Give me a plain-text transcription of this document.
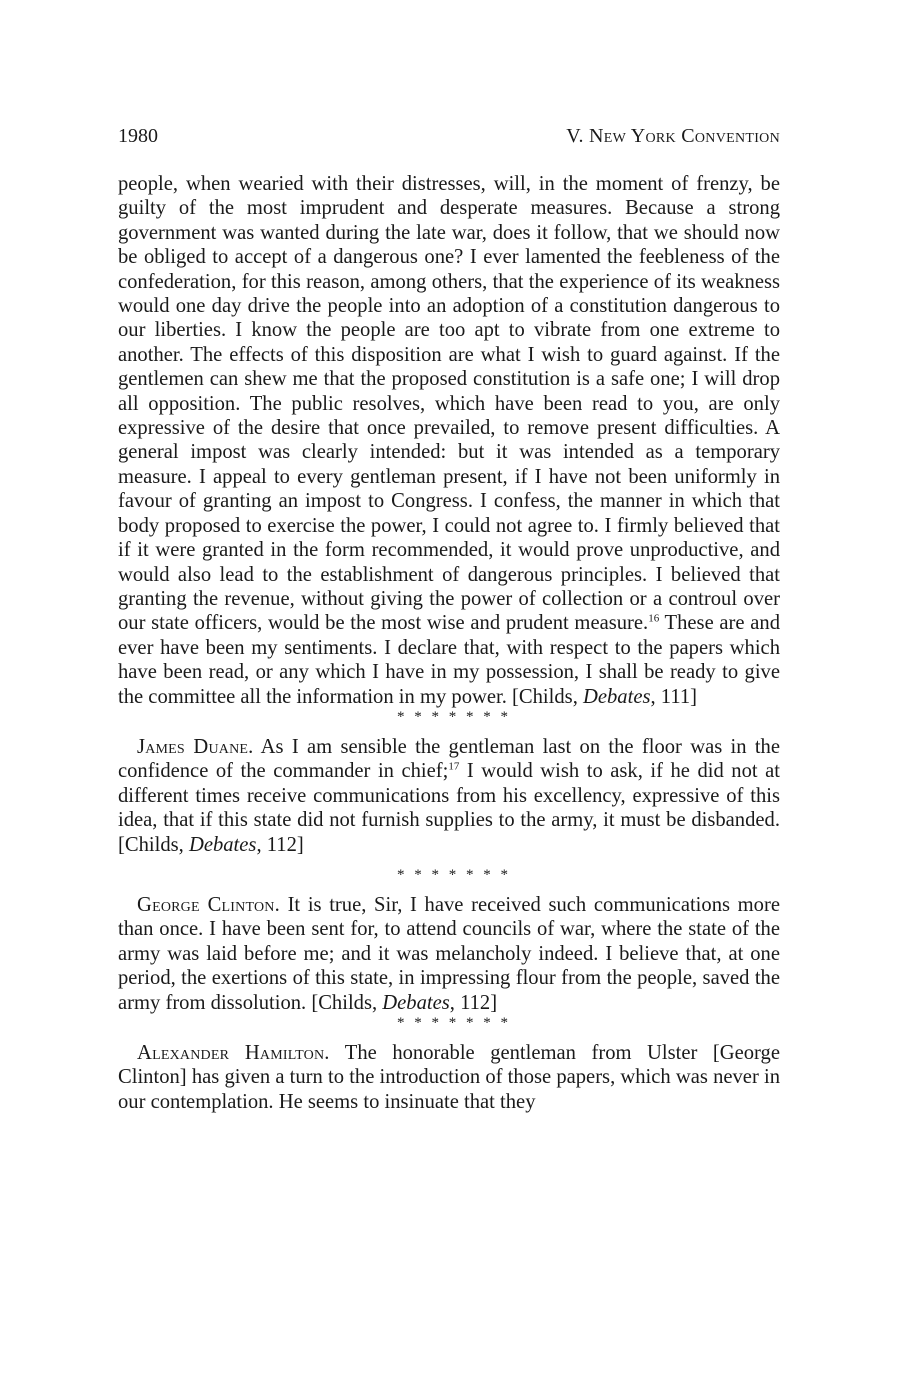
1980	V. New York Convention

people, when wearied with their distresses, will, in the moment of frenzy, be guilty of the most imprudent and desperate measures. Because a strong government was wanted during the late war, does it follow, that we should now be obliged to accept of a dangerous one? I ever lamented the feebleness of the confederation, for this reason, among others, that the experience of its weakness would one day drive the people into an adoption of a constitution dangerous to our liberties. I know the people are too apt to vibrate from one extreme to another. The effects of this disposition are what I wish to guard against. If the gentlemen can shew me that the proposed constitution is a safe one; I will drop all opposition. The public resolves, which have been read to you, are only expressive of the desire that once prevailed, to remove present difficulties. A general impost was clearly intended: but it was intended as a temporary measure. I appeal to every gentleman present, if I have not been uniformly in favour of granting an impost to Congress. I confess, the manner in which that body proposed to exercise the power, I could not agree to. I firmly believed that if it were granted in the form recommended, it would prove unproductive, and would also lead to the establishment of dangerous principles. I believed that granting the revenue, without giving the power of collection or a controul over our state officers, would be the most wise and prudent measure.$^{16}$ These are and ever have been my sentiments. I declare that, with respect to the papers which have been read, or any which I have in my possession, I shall be ready to give the committee all the information in my power. [Childs, Debates, 111]

* * * * * * *

James Duane. As I am sensible the gentleman last on the floor was in the confidence of the commander in chief;$^{17}$ I would wish to ask, if he did not at different times receive communications from his excellency, expressive of this idea, that if this state did not furnish supplies to the army, it must be disbanded. [Childs, Debates, 112]

* * * * * * *

George Clinton. It is true, Sir, I have received such communications more than once. I have been sent for, to attend councils of war, where the state of the army was laid before me; and it was melancholy indeed. I believe that, at one period, the exertions of this state, in impressing flour from the people, saved the army from dissolution. [Childs, Debates, 112]

* * * * * * *

Alexander Hamilton. The honorable gentleman from Ulster [George Clinton] has given a turn to the introduction of those papers, which was never in our contemplation. He seems to insinuate that they
